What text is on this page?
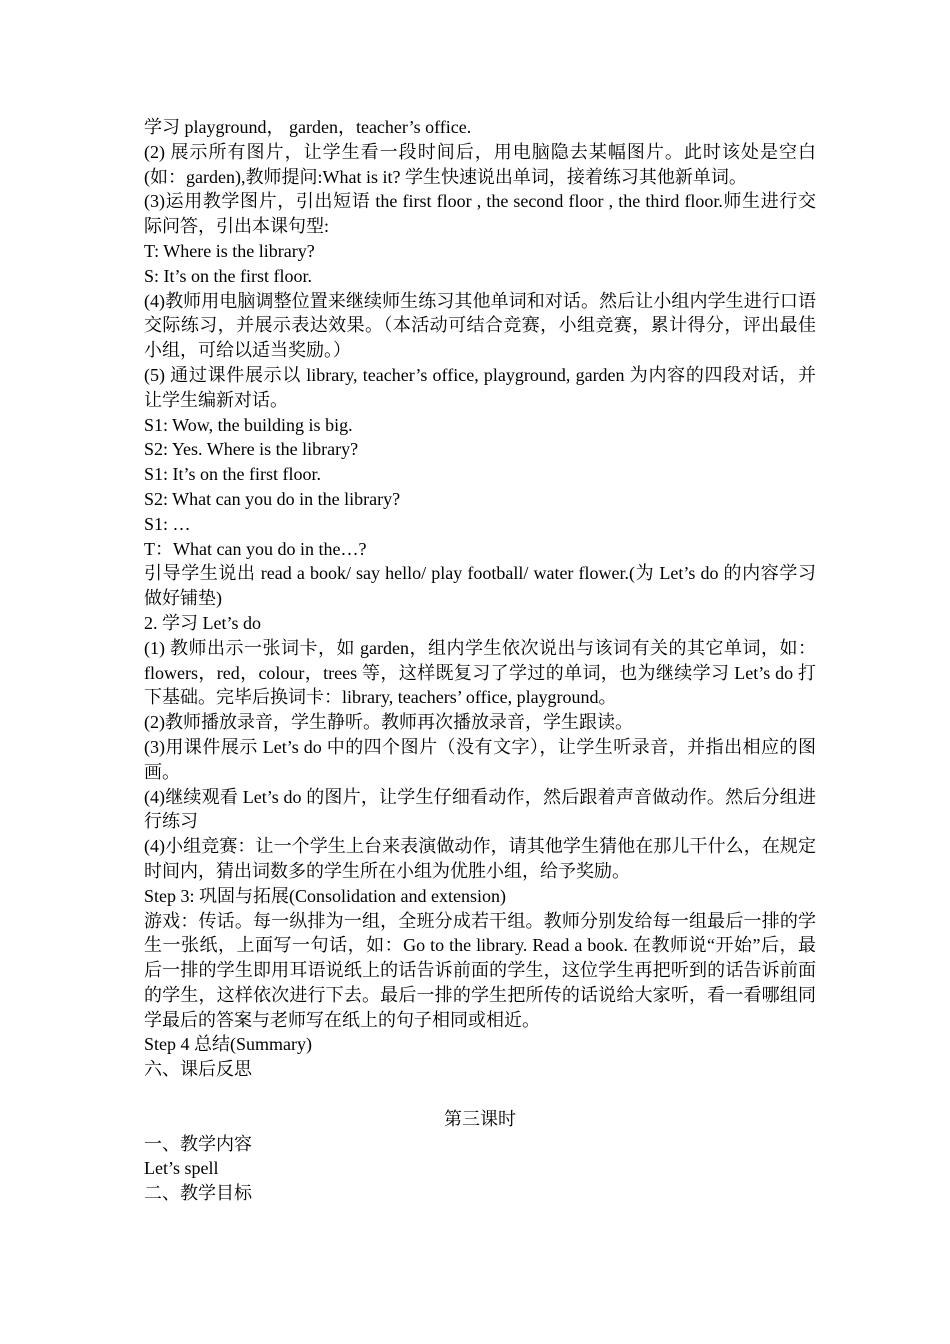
学习 playground， garden，teacher’s office.
(2) 展示所有图片，让学生看一段时间后，用电脑隐去某幅图片。此时该处是空白(如：garden),教师提问:What is it? 学生快速说出单词，接着练习其他新单词。
(3)运用教学图片，引出短语 the first floor , the second floor , the third floor.师生进行交际问答，引出本课句型:
T: Where is the library?
S: It’s on the first floor.
(4)教师用电脑调整位置来继续师生练习其他单词和对话。然后让小组内学生进行口语交际练习，并展示表达效果。（本活动可结合竞赛，小组竞赛，累计得分，评出最佳小组，可给以适当奖励。）
(5) 通过课件展示以 library, teacher’s office, playground, garden 为内容的四段对话，并让学生编新对话。
S1: Wow, the building is big.
S2: Yes. Where is the library?
S1: It’s on the first floor.
S2: What can you do in the library?
S1: …
T：What can you do in the…?
引导学生说出 read a book/ say hello/ play football/ water flower.(为 Let’s do 的内容学习做好铺垫)
2. 学习 Let’s do
(1) 教师出示一张词卡，如 garden，组内学生依次说出与该词有关的其它单词，如：flowers，red，colour，trees 等，这样既复习了学过的单词，也为继续学习 Let’s do 打下基础。完毕后换词卡：library, teachers’ office, playground。
(2)教师播放录音，学生静听。教师再次播放录音，学生跟读。
(3)用课件展示 Let’s do 中的四个图片（没有文字），让学生听录音，并指出相应的图画。
(4)继续观看 Let’s do 的图片，让学生仔细看动作，然后跟着声音做动作。然后分组进行练习
(4)小组竞赛：让一个学生上台来表演做动作，请其他学生猜他在那儿干什么，在规定时间内，猜出词数多的学生所在小组为优胜小组，给予奖励。
Step 3: 巩固与拓展(Consolidation and extension)
游戏：传话。每一纵排为一组，全班分成若干组。教师分别发给每一组最后一排的学生一张纸，上面写一句话，如：Go to the library. Read a book. 在教师说“开始”后，最后一排的学生即用耳语说纸上的话告诉前面的学生，这位学生再把听到的话告诉前面的学生，这样依次进行下去。最后一排的学生把所传的话说给大家听，看一看哪组同学最后的答案与老师写在纸上的句子相同或相近。
Step 4 总结(Summary)
六、课后反思
第三课时
一、教学内容
Let’s spell
二、教学目标
